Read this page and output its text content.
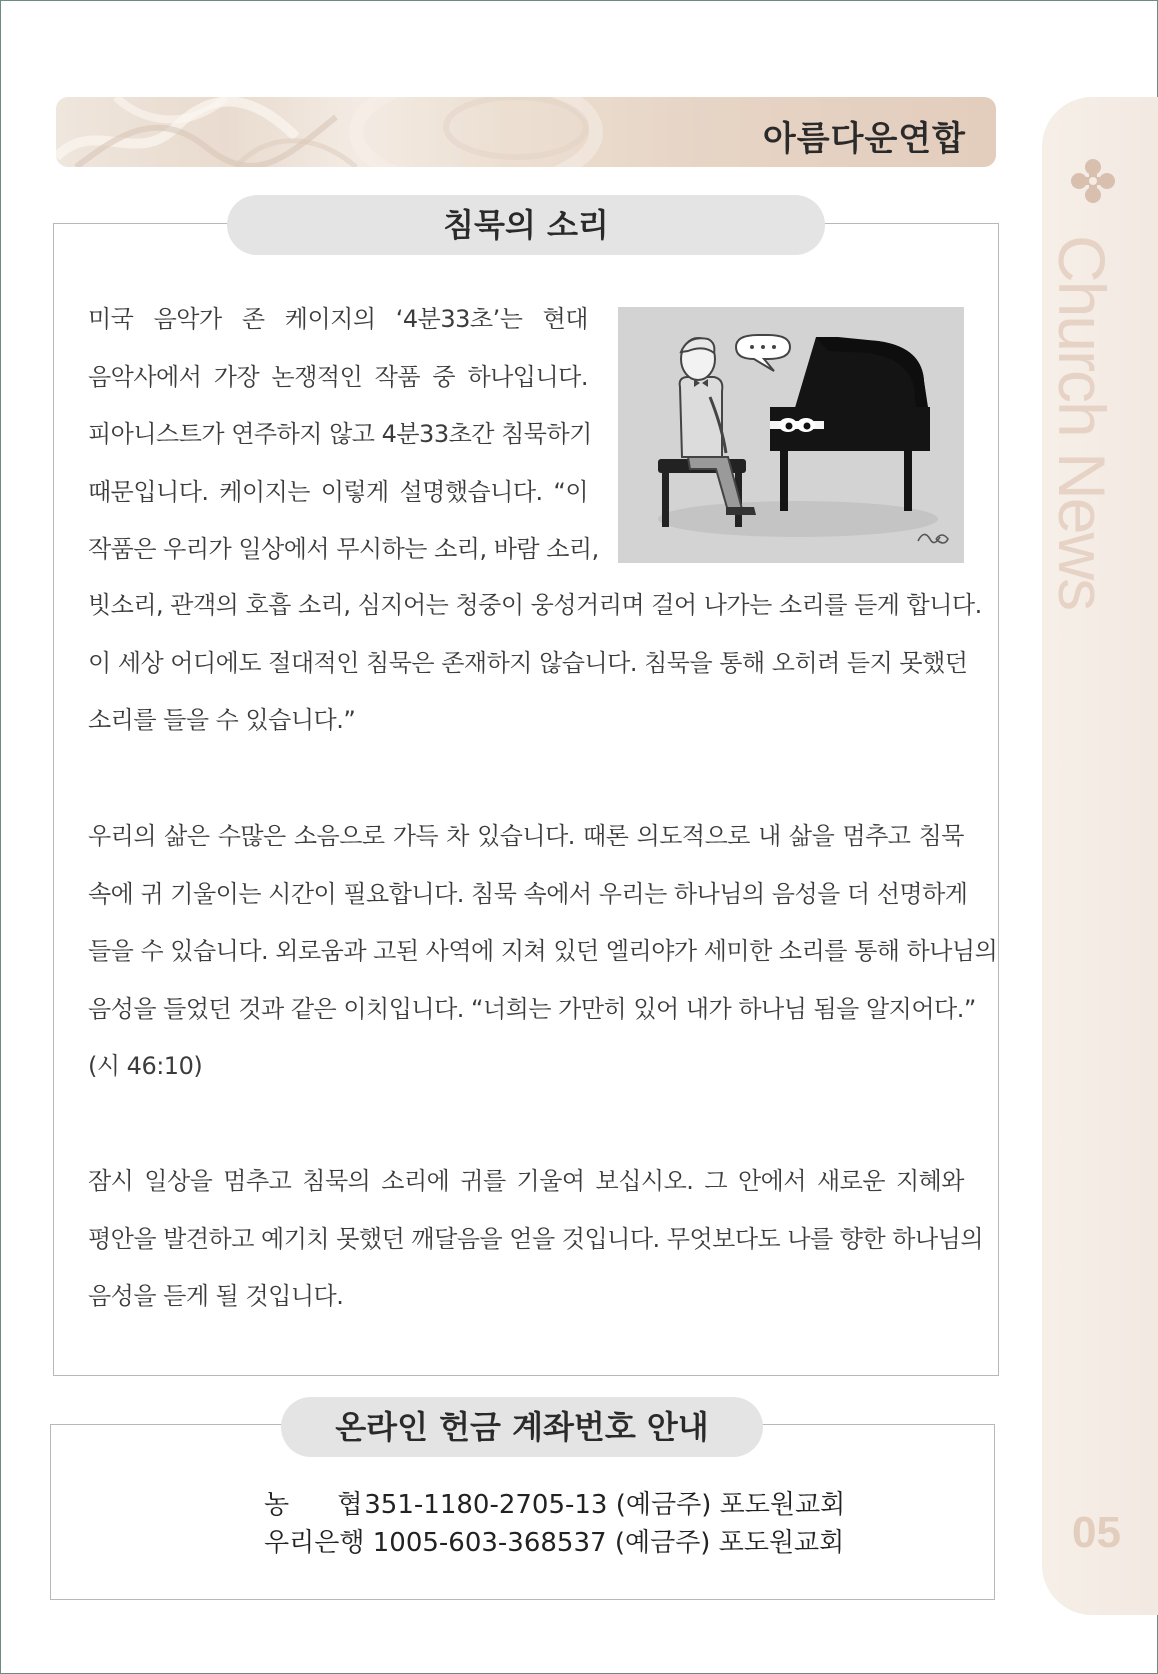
아름다운연합
Church News
05
침묵의 소리

미국 음악가 존 케이지의 ‘4분33초’는 현대
음악사에서 가장 논쟁적인 작품 중 하나입니다.
피아니스트가 연주하지 않고 4분33초간 침묵하기
때문입니다. 케이지는 이렇게 설명했습니다. “이
작품은 우리가 일상에서 무시하는 소리, 바람 소리,

빗소리, 관객의 호흡 소리, 심지어는 청중이 웅성거리며 걸어 나가는 소리를 듣게 합니다.
이 세상 어디에도 절대적인 침묵은 존재하지 않습니다. 침묵을 통해 오히려 듣지 못했던
소리를 들을 수 있습니다.”

우리의 삶은 수많은 소음으로 가득 차 있습니다. 때론 의도적으로 내 삶을 멈추고 침묵
속에 귀 기울이는 시간이 필요합니다. 침묵 속에서 우리는 하나님의 음성을 더 선명하게
들을 수 있습니다. 외로움과 고된 사역에 지쳐 있던 엘리야가 세미한 소리를 통해 하나님의
음성을 들었던 것과 같은 이치입니다. “너희는 가만히 있어 내가 하나님 됨을 알지어다.”
(시 46:10)

잠시 일상을 멈추고 침묵의 소리에 귀를 기울여 보십시오. 그 안에서 새로운 지혜와
평안을 발견하고 예기치 못했던 깨달음을 얻을 것입니다. 무엇보다도 나를 향한 하나님의
음성을 듣게 될 것입니다.

온라인 헌금 계좌번호 안내
농 협 351-1180-2705-13 (예금주) 포도원교회
우리은행 1005-603-368537 (예금주) 포도원교회
